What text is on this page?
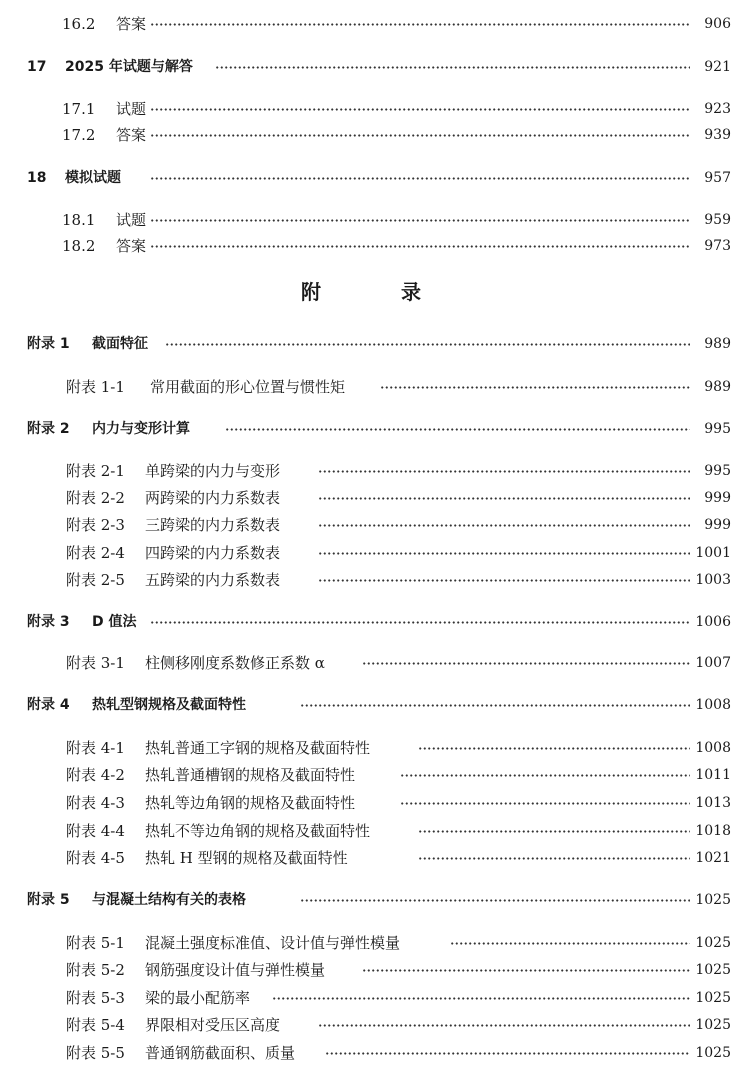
16.2 答案	906
17 2025 年试题与解答	921
17.1 试题	923
17.2 答案	939
18 模拟试题	957
18.1 试题	959
18.2 答案	973
附　录
附录 1 截面特征	989
附表 1-1 常用截面的形心位置与惯性矩	989
附录 2 内力与变形计算	995
附表 2-1 单跨梁的内力与变形	995
附表 2-2 两跨梁的内力系数表	999
附表 2-3 三跨梁的内力系数表	999
附表 2-4 四跨梁的内力系数表	1001
附表 2-5 五跨梁的内力系数表	1003
附录 3 D 值法	1006
附表 3-1 柱侧移刚度系数修正系数 α	1007
附录 4 热轧型钢规格及截面特性	1008
附表 4-1 热轧普通工字钢的规格及截面特性	1008
附表 4-2 热轧普通槽钢的规格及截面特性	1011
附表 4-3 热轧等边角钢的规格及截面特性	1013
附表 4-4 热轧不等边角钢的规格及截面特性	1018
附表 4-5 热轧 H 型钢的规格及截面特性	1021
附录 5 与混凝土结构有关的表格	1025
附表 5-1 混凝土强度标准值、设计值与弹性模量	1025
附表 5-2 钢筋强度设计值与弹性模量	1025
附表 5-3 梁的最小配筋率	1025
附表 5-4 界限相对受压区高度	1025
附表 5-5 普通钢筋截面积、质量	1025
